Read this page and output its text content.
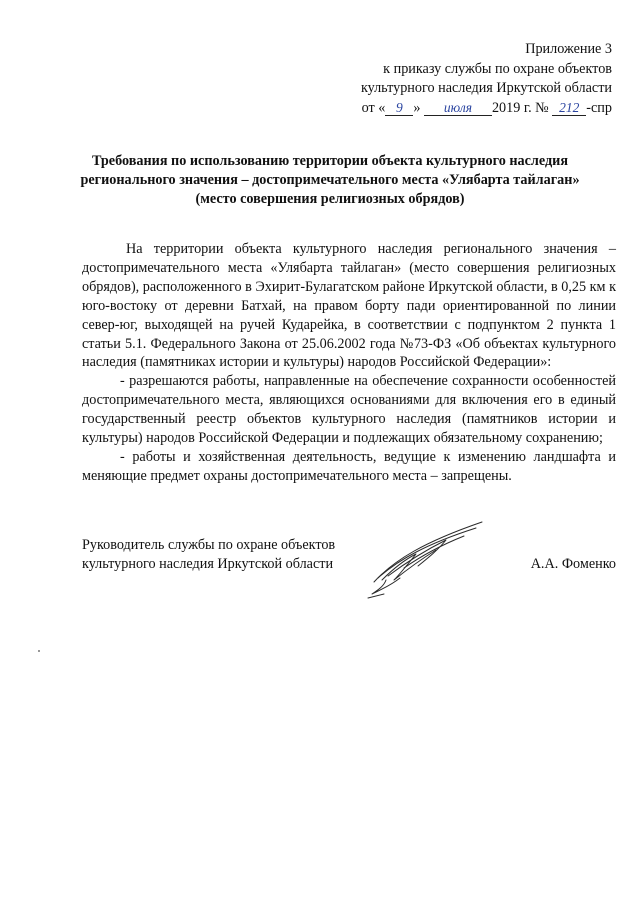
Приложение 3
к приказу службы по охране объектов
культурного наследия Иркутской области
от « 9 » июля 2019 г. № 212 -спр
Требования по использованию территории объекта культурного наследия
регионального значения – достопримечательного места «Улябарта тайлаган»
(место совершения религиозных обрядов)

На территории объекта культурного наследия регионального значения – достопримечательного места «Улябарта тайлаган» (место совершения религиозных обрядов), расположенного в Эхирит-Булагатском районе Иркутской области, в 0,25 км к юго-востоку от деревни Батхай, на правом борту пади ориентированной по линии север-юг, выходящей на ручей Кударейка, в соответствии с подпунктом 2 пункта 1 статьи 5.1. Федерального Закона от 25.06.2002 года №73-ФЗ «Об объектах культурного наследия (памятниках истории и культуры) народов Российской Федерации»:

- разрешаются работы, направленные на обеспечение сохранности особенностей достопримечательного места, являющихся основаниями для включения его в единый государственный реестр объектов культурного наследия (памятников истории и культуры) народов Российской Федерации и подлежащих обязательному сохранению;

- работы и хозяйственная деятельность, ведущие к изменению ландшафта и меняющие предмет охраны достопримечательного места – запрещены.

Руководитель службы по охране объектов
культурного наследия Иркутской области	А.А. Фоменко
